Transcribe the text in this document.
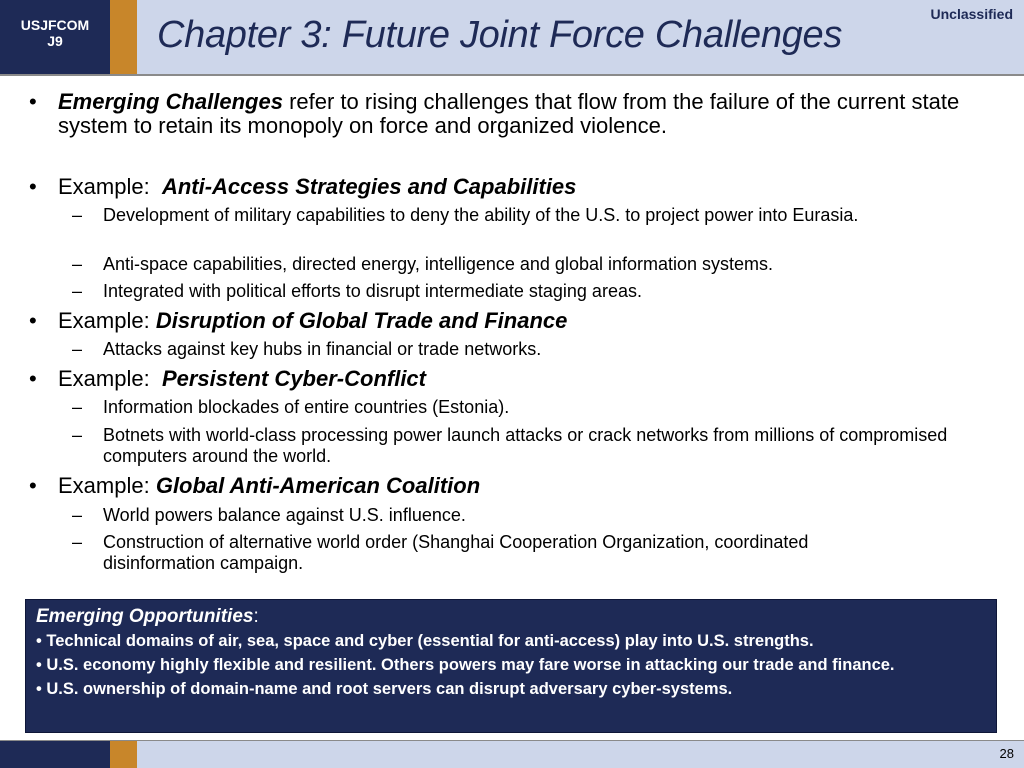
USJFCOM
J9	Chapter 3: Future Joint Force Challenges	Unclassified
• Emerging Challenges refer to rising challenges that flow from the failure of the current state system to retain its monopoly on force and organized violence.
• Example:  Anti-Access Strategies and Capabilities
– Development of military capabilities to deny the ability of the U.S. to project power into Eurasia.
– Anti-space capabilities, directed energy, intelligence and global information systems.
– Integrated with political efforts to disrupt intermediate staging areas.
• Example: Disruption of Global Trade and Finance
– Attacks against key hubs in financial or trade networks.
• Example:  Persistent Cyber-Conflict
– Information blockades of entire countries (Estonia).
– Botnets with world-class processing power launch attacks or crack networks from millions of compromised computers around the world.
• Example: Global Anti-American Coalition
– World powers balance against U.S. influence.
– Construction of alternative world order (Shanghai Cooperation Organization, coordinated disinformation campaign.
Emerging Opportunities:
• Technical domains of air, sea, space and cyber (essential for anti-access) play into U.S. strengths.
• U.S. economy highly flexible and resilient. Others powers may fare worse in attacking our trade and finance.
• U.S. ownership of domain-name and root servers can disrupt adversary cyber-systems.
28
